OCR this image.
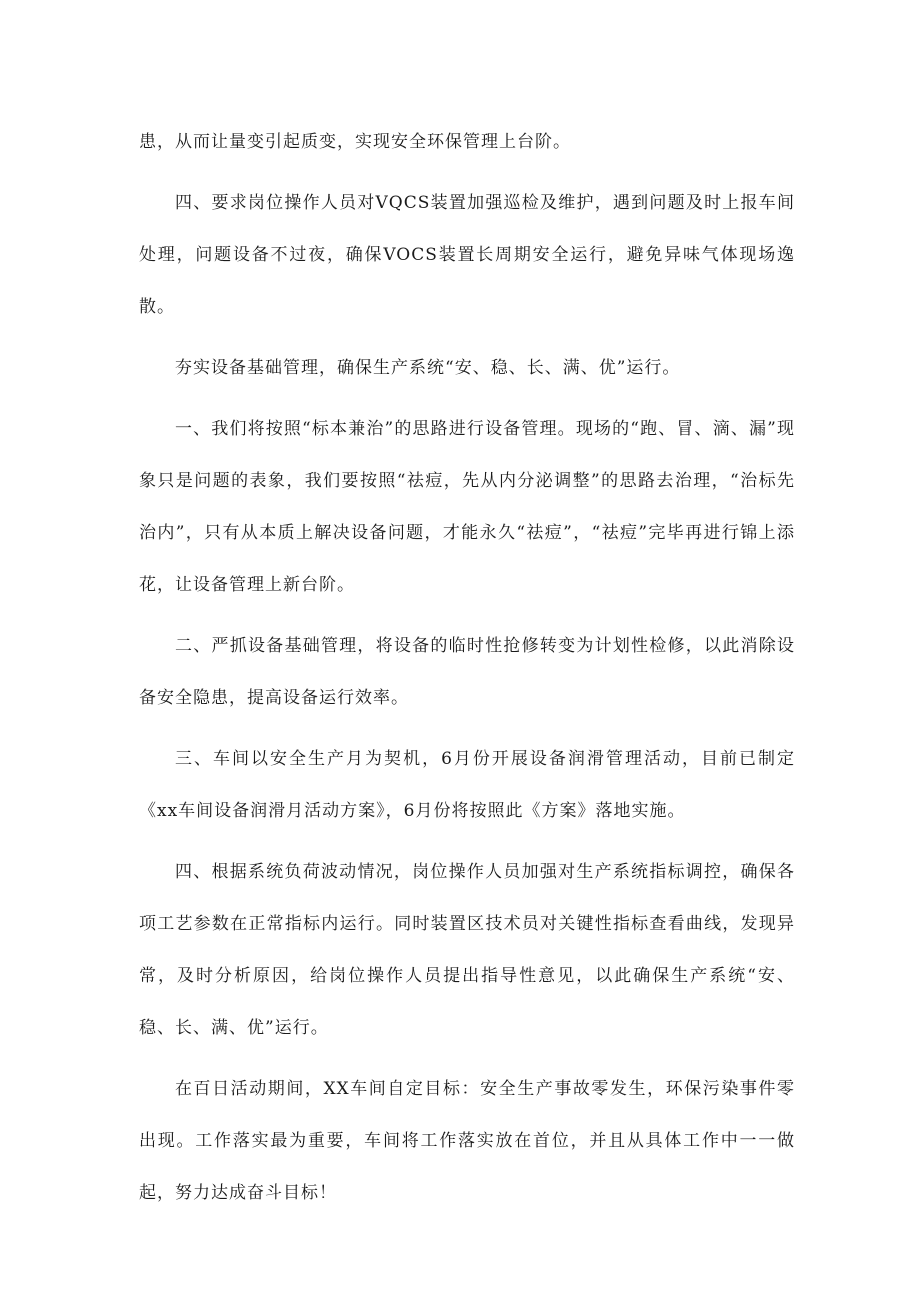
患，从而让量变引起质变，实现安全环保管理上台阶。

四、要求岗位操作人员对VQCS装置加强巡检及维护，遇到问题及时上报车间处理，问题设备不过夜，确保VOCS装置长周期安全运行，避免异味气体现场逸散。

夯实设备基础管理，确保生产系统“安、稳、长、满、优”运行。

一、我们将按照“标本兼治”的思路进行设备管理。现场的“跑、冒、滴、漏”现象只是问题的表象，我们要按照“祛痘，先从内分泌调整”的思路去治理，“治标先治内”，只有从本质上解决设备问题，才能永久“祛痘”，“祛痘”完毕再进行锦上添花，让设备管理上新台阶。

二、严抓设备基础管理，将设备的临时性抢修转变为计划性检修，以此消除设备安全隐患，提高设备运行效率。

三、车间以安全生产月为契机，6月份开展设备润滑管理活动，目前已制定《xx车间设备润滑月活动方案》，6月份将按照此《方案》落地实施。

四、根据系统负荷波动情况，岗位操作人员加强对生产系统指标调控，确保各项工艺参数在正常指标内运行。同时装置区技术员对关键性指标查看曲线，发现异常，及时分析原因，给岗位操作人员提出指导性意见，以此确保生产系统“安、稳、长、满、优”运行。

在百日活动期间，XX车间自定目标：安全生产事故零发生，环保污染事件零出现。工作落实最为重要，车间将工作落实放在首位，并且从具体工作中一一做起，努力达成奋斗目标！
